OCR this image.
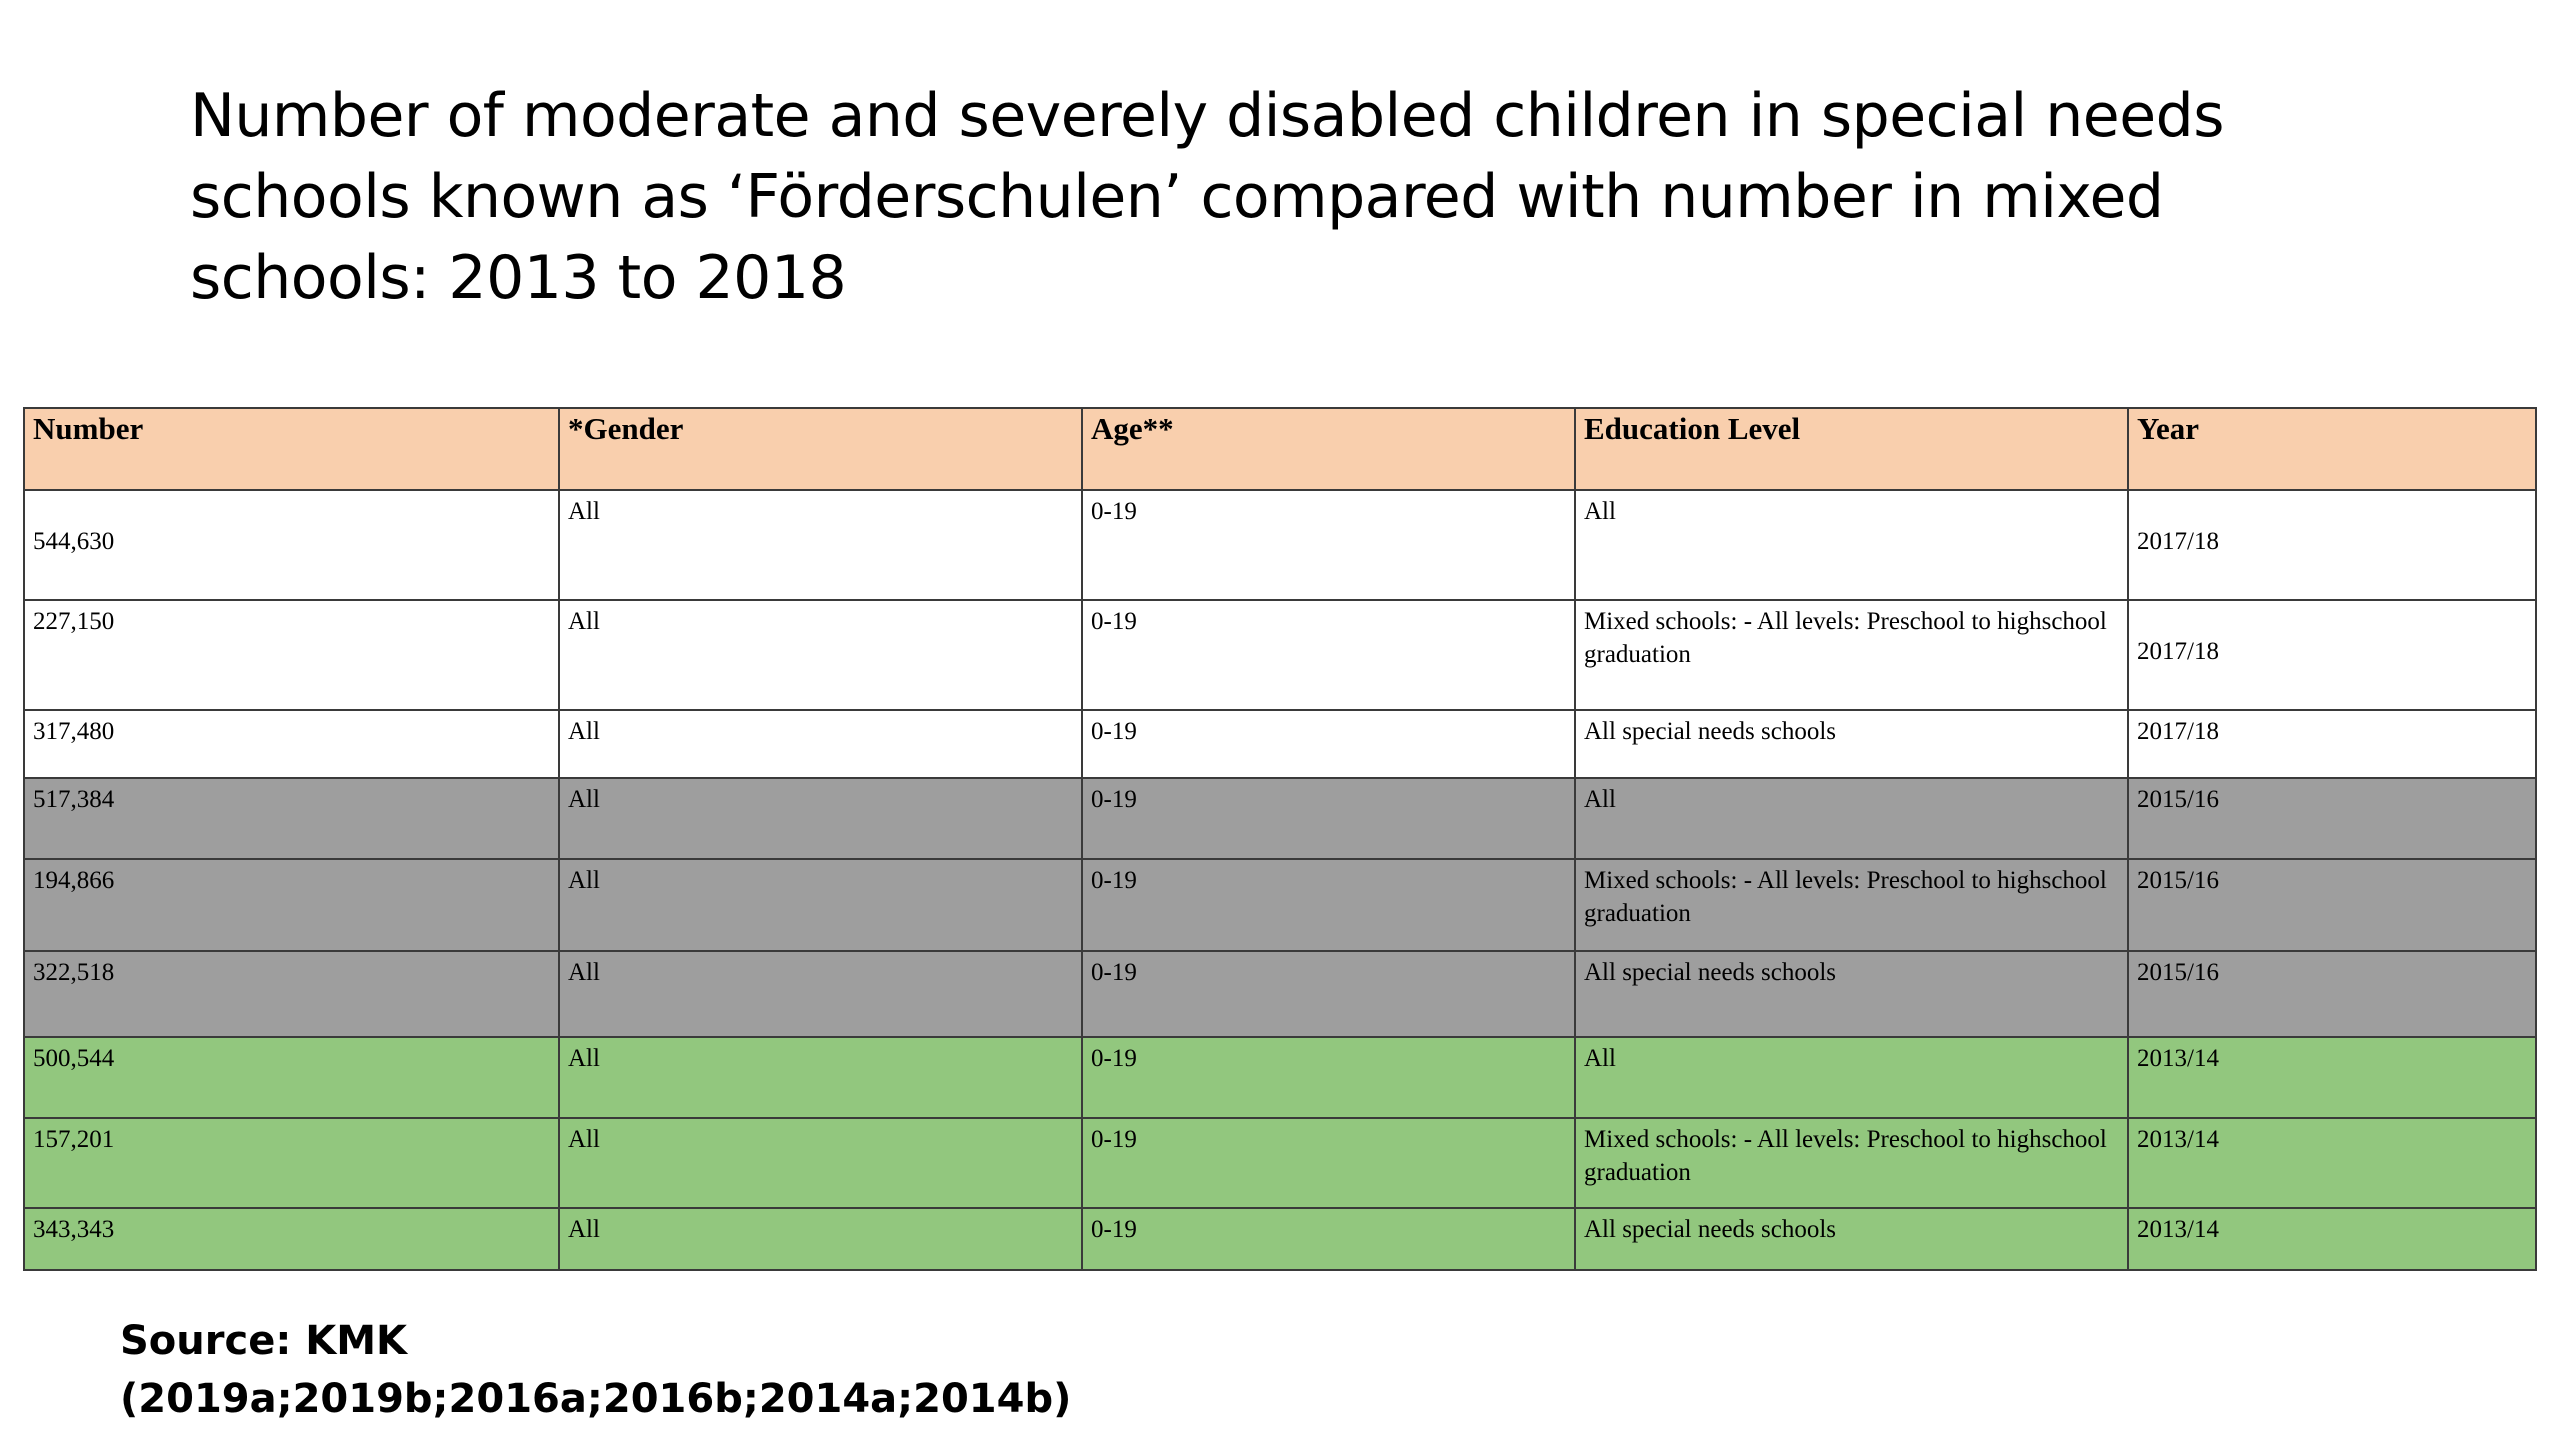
Number of moderate and severely disabled children in special needs
schools known as ‘Förderschulen’ compared with number in mixed
schools: 2013 to 2018
Number	*Gender	Age**	Education Level	Year

544,630	All	0-19	All	2017/18

227,150	All	0-19	Mixed schools: - All levels: Preschool to highschool graduation	2017/18

317,480	All	0-19	All special needs schools	2017/18
517,384	All	0-19	All	2015/16
194,866	All	0-19	Mixed schools: - All levels: Preschool to highschool graduation	2015/16
322,518	All	0-19	All special needs schools	2015/16
500,544	All	0-19	All	2013/14
157,201	All	0-19	Mixed schools: - All levels: Preschool to highschool graduation	2013/14
343,343	All	0-19	All special needs schools	2013/14
Source: KMK
(2019a;2019b;2016a;2016b;2014a;2014b)
